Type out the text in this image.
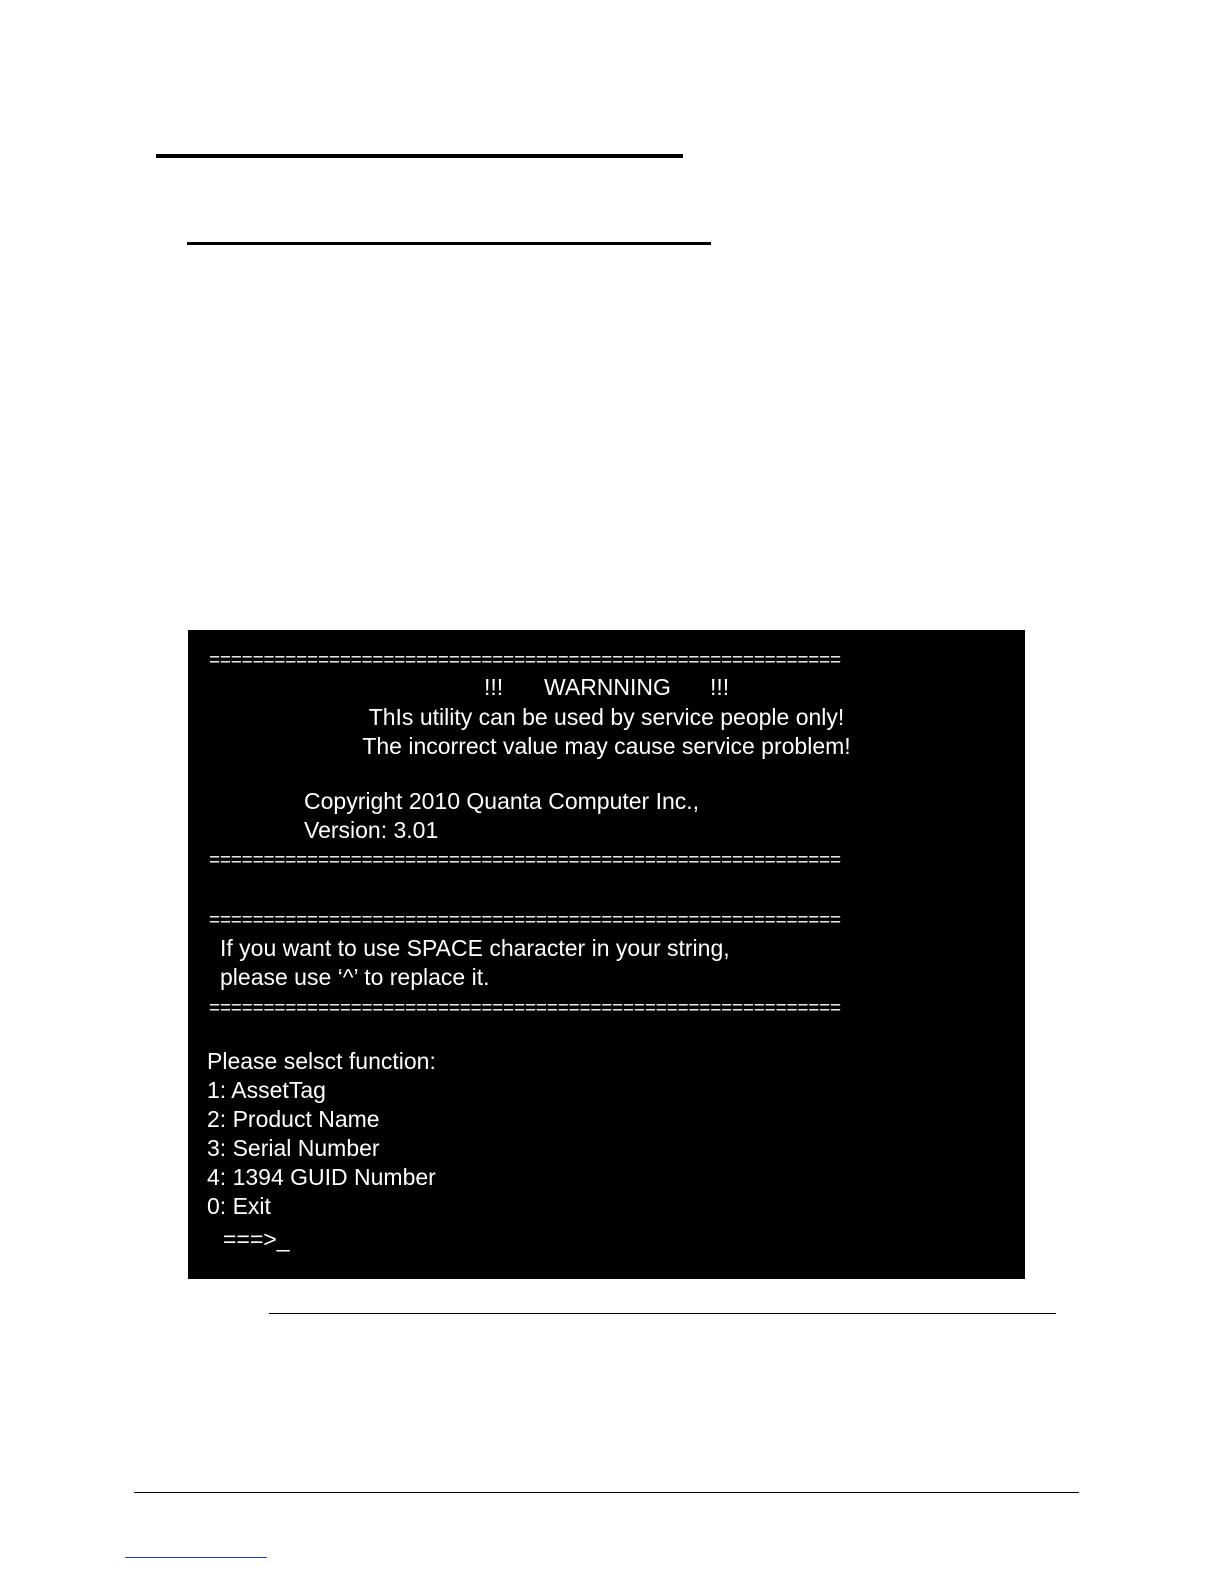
==========================================================
!!! WARNNING !!!
ThIs utility can be used by service people only!
The incorrect value may cause service problem!
Copyright 2010 Quanta Computer Inc.,
Version: 3.01
==========================================================
==========================================================
If you want to use SPACE character in your string,
please use ‘^’ to replace it.
==========================================================
Please selsct function:
1: AssetTag
2: Product Name
3: Serial Number
4: 1394 GUID Number
0: Exit
===>_
